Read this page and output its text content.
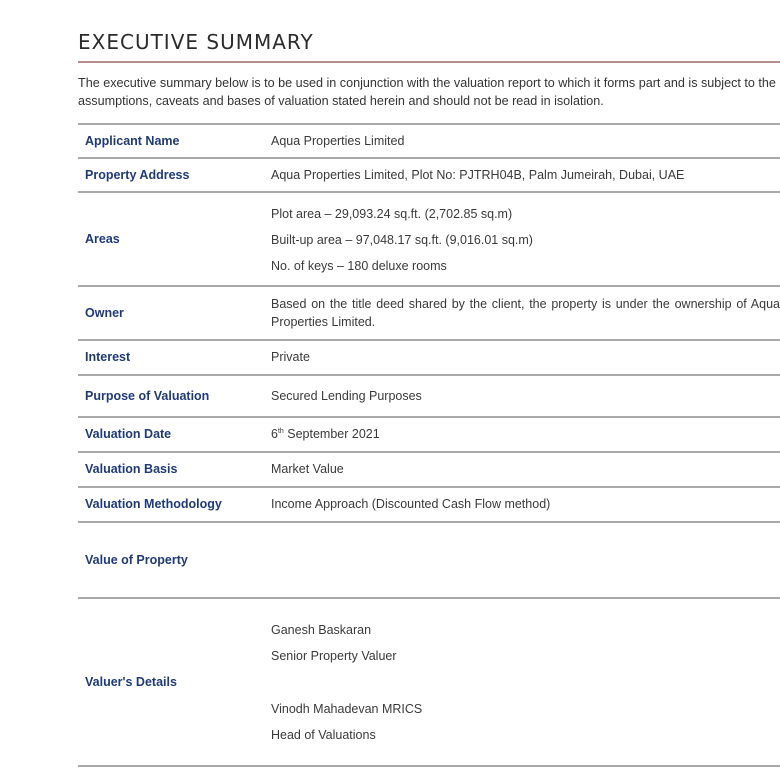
EXECUTIVE SUMMARY

The executive summary below is to be used in conjunction with the valuation report to which it forms part and is subject to the assumptions, caveats and bases of valuation stated herein and should not be read in isolation.

Applicant Name	Aqua Properties Limited
Property Address	Aqua Properties Limited, Plot No: PJTRH04B, Palm Jumeirah, Dubai, UAE
Areas	Plot area – 29,093.24 sq.ft. (2,702.85 sq.m)
Built-up area – 97,048.17 sq.ft. (9,016.01 sq.m)
No. of keys – 180 deluxe rooms

Owner	Based on the title deed shared by the client, the property is under the ownership of Aqua Properties Limited.
Interest	Private
Purpose of Valuation	Secured Lending Purposes
Valuation Date	6th September 2021
Valuation Basis	Market Value
Valuation Methodology	Income Approach (Discounted Cash Flow method)
Value of Property	
Valuer's Details	Ganesh Baskaran
Senior Property Valuer
Vinodh Mahadevan MRICS
Head of Valuations
